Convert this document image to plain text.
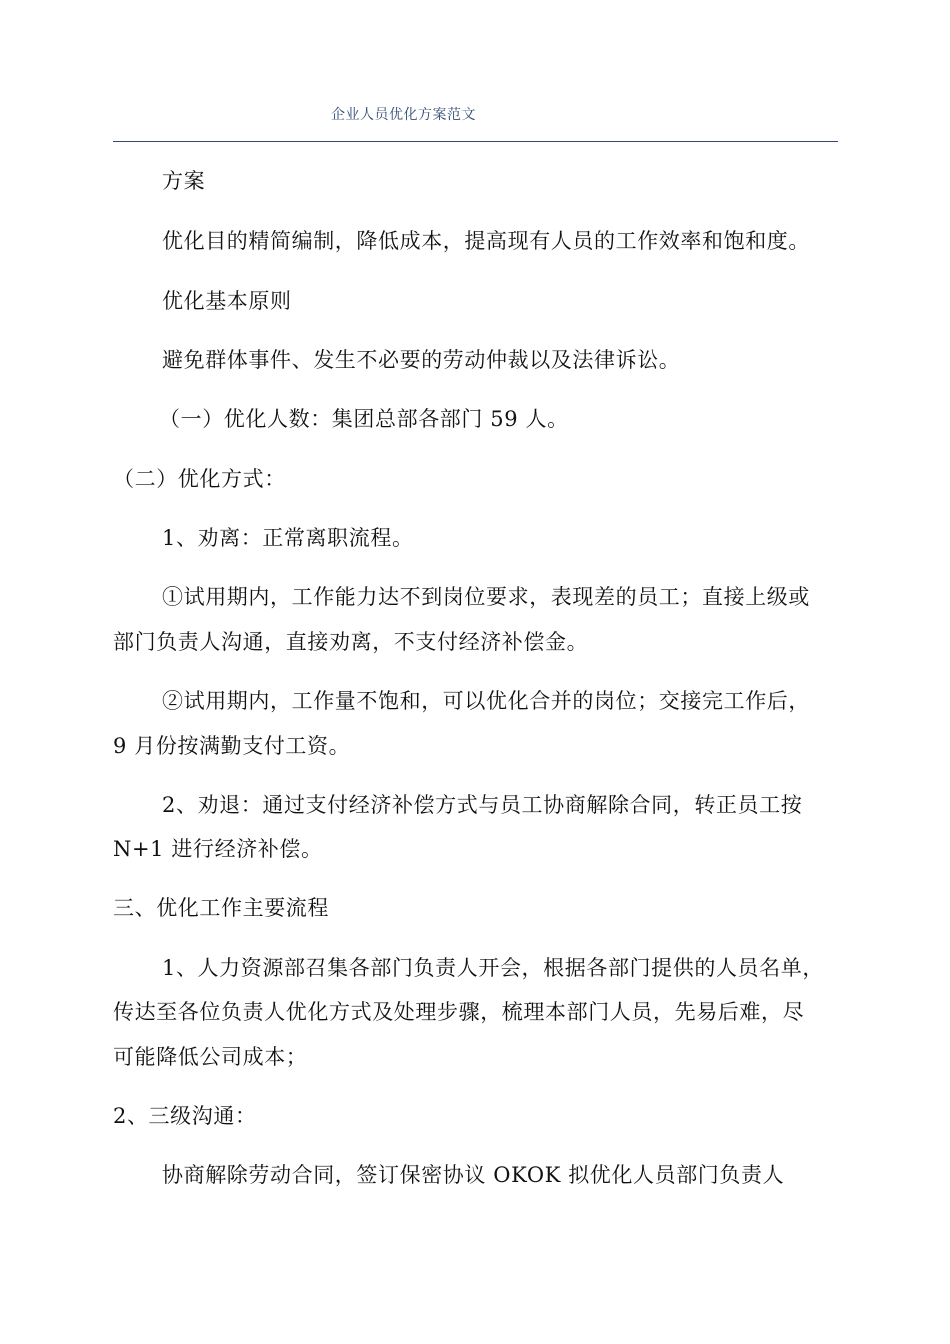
企业人员优化方案范文
方案
优化目的精简编制，降低成本，提高现有人员的工作效率和饱和度。
优化基本原则
避免群体事件、发生不必要的劳动仲裁以及法律诉讼。
（一）优化人数：集团总部各部门 59 人。
（二）优化方式：
1、劝离：正常离职流程。
①试用期内，工作能力达不到岗位要求，表现差的员工；直接上级或
部门负责人沟通，直接劝离，不支付经济补偿金。
②试用期内，工作量不饱和，可以优化合并的岗位；交接完工作后，
9 月份按满勤支付工资。
2、劝退：通过支付经济补偿方式与员工协商解除合同，转正员工按
N+1 进行经济补偿。
三、优化工作主要流程
1、人力资源部召集各部门负责人开会，根据各部门提供的人员名单，
传达至各位负责人优化方式及处理步骤，梳理本部门人员，先易后难，尽
可能降低公司成本；
2、三级沟通：
协商解除劳动合同，签订保密协议 OKOK 拟优化人员部门负责人
